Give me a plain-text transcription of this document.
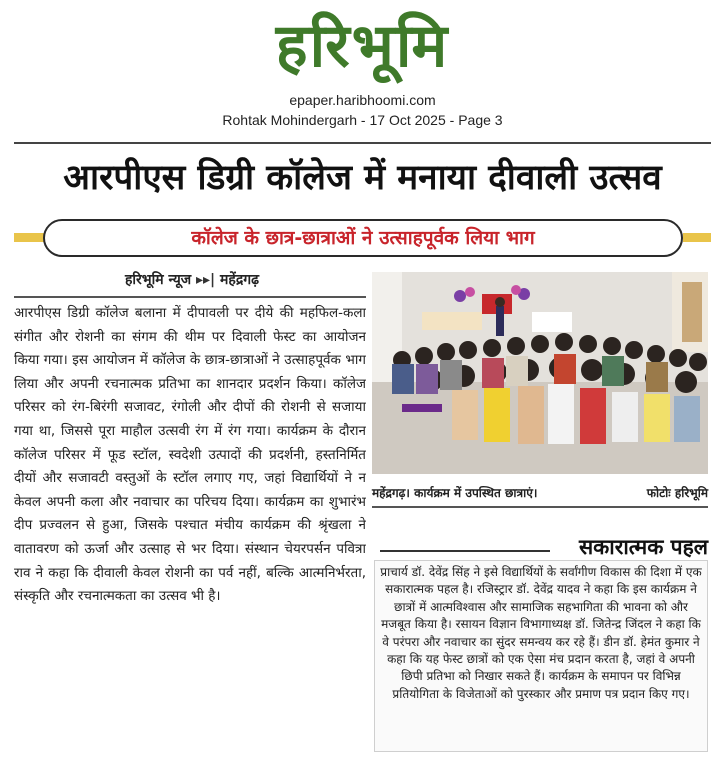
हरिभूमि
epaper.haribhoomi.com
Rohtak Mohindergarh - 17 Oct 2025 - Page 3
आरपीएस डिग्री कॉलेज में मनाया दीवाली उत्सव
कॉलेज के छात्र-छात्राओं ने उत्साहपूर्वक लिया भाग
हरिभूमि न्यूज ▸▸| महेंद्रगढ़
आरपीएस डिग्री कॉलेज बलाना में दीपावली पर दीये की महफिल-कला संगीत और रोशनी का संगम की थीम पर दिवाली फेस्ट का आयोजन किया गया। इस आयोजन में कॉलेज के छात्र-छात्राओं ने उत्साहपूर्वक भाग लिया और अपनी रचनात्मक प्रतिभा का शानदार प्रदर्शन किया। कॉलेज परिसर को रंग-बिरंगी सजावट, रंगोली और दीपों की रोशनी से सजाया गया था, जिससे पूरा माहौल उत्सवी रंग में रंग गया। कार्यक्रम के दौरान कॉलेज परिसर में फूड स्टॉल, स्वदेशी उत्पादों की प्रदर्शनी, हस्तनिर्मित दीयों और सजावटी वस्तुओं के स्टॉल लगाए गए, जहां विद्यार्थियों ने न केवल अपनी कला और नवाचार का परिचय दिया। कार्यक्रम का शुभारंभ दीप प्रज्वलन से हुआ, जिसके पश्चात मंचीय कार्यक्रम की श्रृंखला ने वातावरण को ऊर्जा और उत्साह से भर दिया। संस्थान चेयरपर्सन पवित्रा राव ने कहा कि दीवाली केवल रोशनी का पर्व नहीं, बल्कि आत्मनिर्भरता, संस्कृति और रचनात्मकता का उत्सव भी है।
महेंद्रगढ़। कार्यक्रम में उपस्थित छात्राएं।	फोटोः हरिभूमि
सकारात्मक पहल
प्राचार्य डॉ. देवेंद्र सिंह ने इसे विद्यार्थियों के सर्वांगीण विकास की दिशा में एक सकारात्मक पहल है। रजिस्ट्रार डॉ. देवेंद्र यादव ने कहा कि इस कार्यक्रम ने छात्रों में आत्मविश्वास और सामाजिक सहभागिता की भावना को और मजबूत किया है। रसायन विज्ञान विभागाध्यक्ष डॉ. जितेन्द्र जिंदल ने कहा कि वे परंपरा और नवाचार का सुंदर समन्वय कर रहे हैं। डीन डॉ. हेमंत कुमार ने कहा कि यह फेस्ट छात्रों को एक ऐसा मंच प्रदान करता है, जहां वे अपनी छिपी प्रतिभा को निखार सकते हैं। कार्यक्रम के समापन पर विभिन्न प्रतियोगिता के विजेताओं को पुरस्कार और प्रमाण पत्र प्रदान किए गए।
